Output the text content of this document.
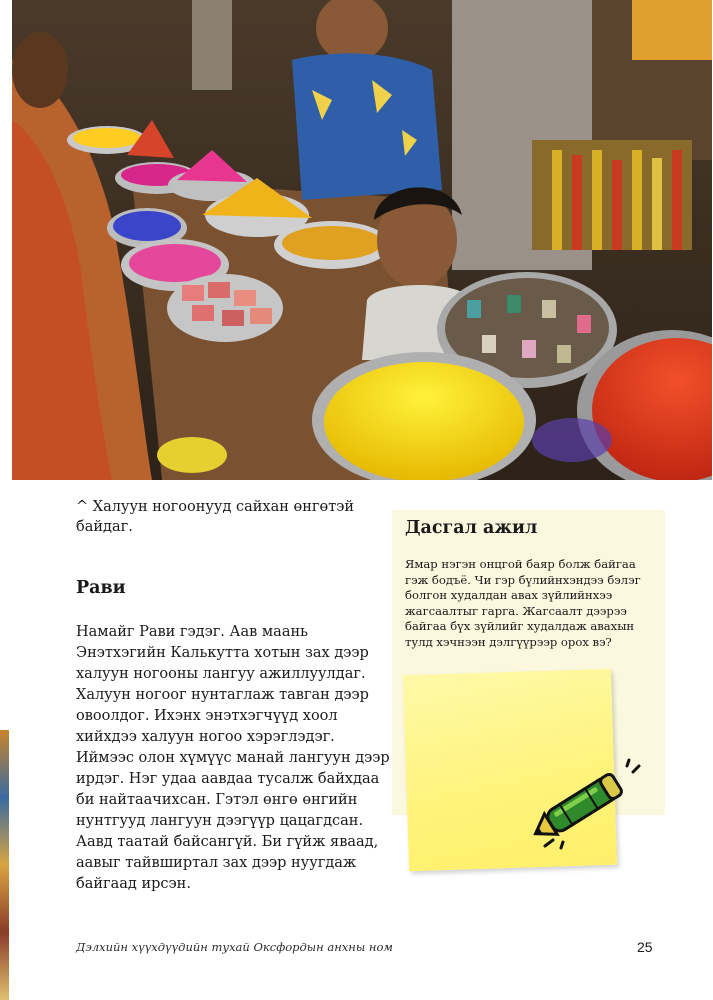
^ Халуун ногоонууд сайхан өнгөтэй байдаг.
Рави
Намайг Рави гэдэг. Аав маань
Энэтхэгийн Калькутта хотын зах дээр
халуун ногооны лангуу ажиллуулдаг.
Халуун ногоог нунтаглаж тавган дээр
овоолдог. Ихэнх энэтхэгчүүд хоол
хийхдээ халуун ногоо хэрэглэдэг.
Иймээс олон хүмүүс манай лангуун дээр
ирдэг. Нэг удаа аавдаа тусалж байхдаа
би найтаачихсан. Гэтэл өнгө өнгийн
нунтгууд лангуун дээгүүр цацагдсан.
Аавд таатай байсангүй. Би гүйж яваад,
аавыг тайвширтал зах дээр нуугдаж
байгаад ирсэн.
Дасгал ажил
Ямар нэгэн онцгой баяр болж байгаа
гэж бодъё. Чи гэр бүлийнхэндээ бэлэг
болгон худалдан авах зүйлийнхээ
жагсаалтыг гарга. Жагсаалт дээрээ
байгаа бүх зүйлийг худалдаж авахын
тулд хэчнээн дэлгүүрээр орох вэ?
Дэлхийн хүүхдүүдийн тухай Оксфордын анхны ном	25
